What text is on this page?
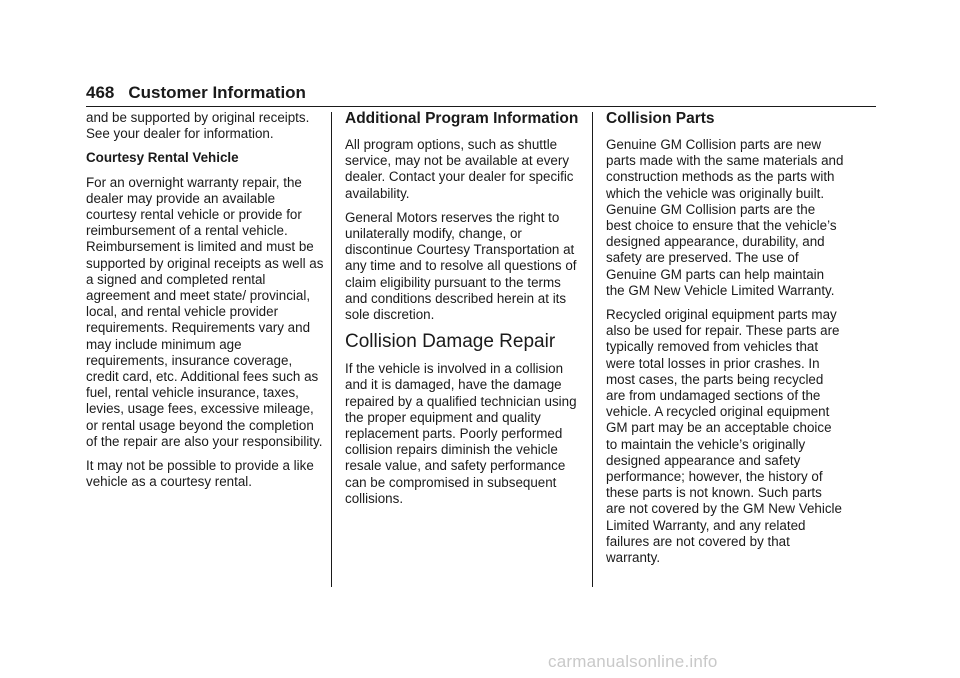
468 Customer Information

and be supported by original receipts. See your dealer for information.

Courtesy Rental Vehicle

For an overnight warranty repair, the dealer may provide an available courtesy rental vehicle or provide for reimbursement of a rental vehicle. Reimbursement is limited and must be supported by original receipts as well as a signed and completed rental agreement and meet state/ provincial, local, and rental vehicle provider requirements. Requirements vary and may include minimum age requirements, insurance coverage, credit card, etc. Additional fees such as fuel, rental vehicle insurance, taxes, levies, usage fees, excessive mileage, or rental usage beyond the completion of the repair are also your responsibility.

It may not be possible to provide a like vehicle as a courtesy rental.

Additional Program Information

All program options, such as shuttle service, may not be available at every dealer. Contact your dealer for specific availability.

General Motors reserves the right to unilaterally modify, change, or discontinue Courtesy Transportation at any time and to resolve all questions of claim eligibility pursuant to the terms and conditions described herein at its sole discretion.

Collision Damage Repair

If the vehicle is involved in a collision and it is damaged, have the damage repaired by a qualified technician using the proper equipment and quality replacement parts. Poorly performed collision repairs diminish the vehicle resale value, and safety performance can be compromised in subsequent collisions.

Collision Parts

Genuine GM Collision parts are new parts made with the same materials and construction methods as the parts with which the vehicle was originally built. Genuine GM Collision parts are the best choice to ensure that the vehicle’s designed appearance, durability, and safety are preserved. The use of Genuine GM parts can help maintain the GM New Vehicle Limited Warranty.

Recycled original equipment parts may also be used for repair. These parts are typically removed from vehicles that were total losses in prior crashes. In most cases, the parts being recycled are from undamaged sections of the vehicle. A recycled original equipment GM part may be an acceptable choice to maintain the vehicle’s originally designed appearance and safety performance; however, the history of these parts is not known. Such parts are not covered by the GM New Vehicle Limited Warranty, and any related failures are not covered by that warranty.

carmanualsonline.info
